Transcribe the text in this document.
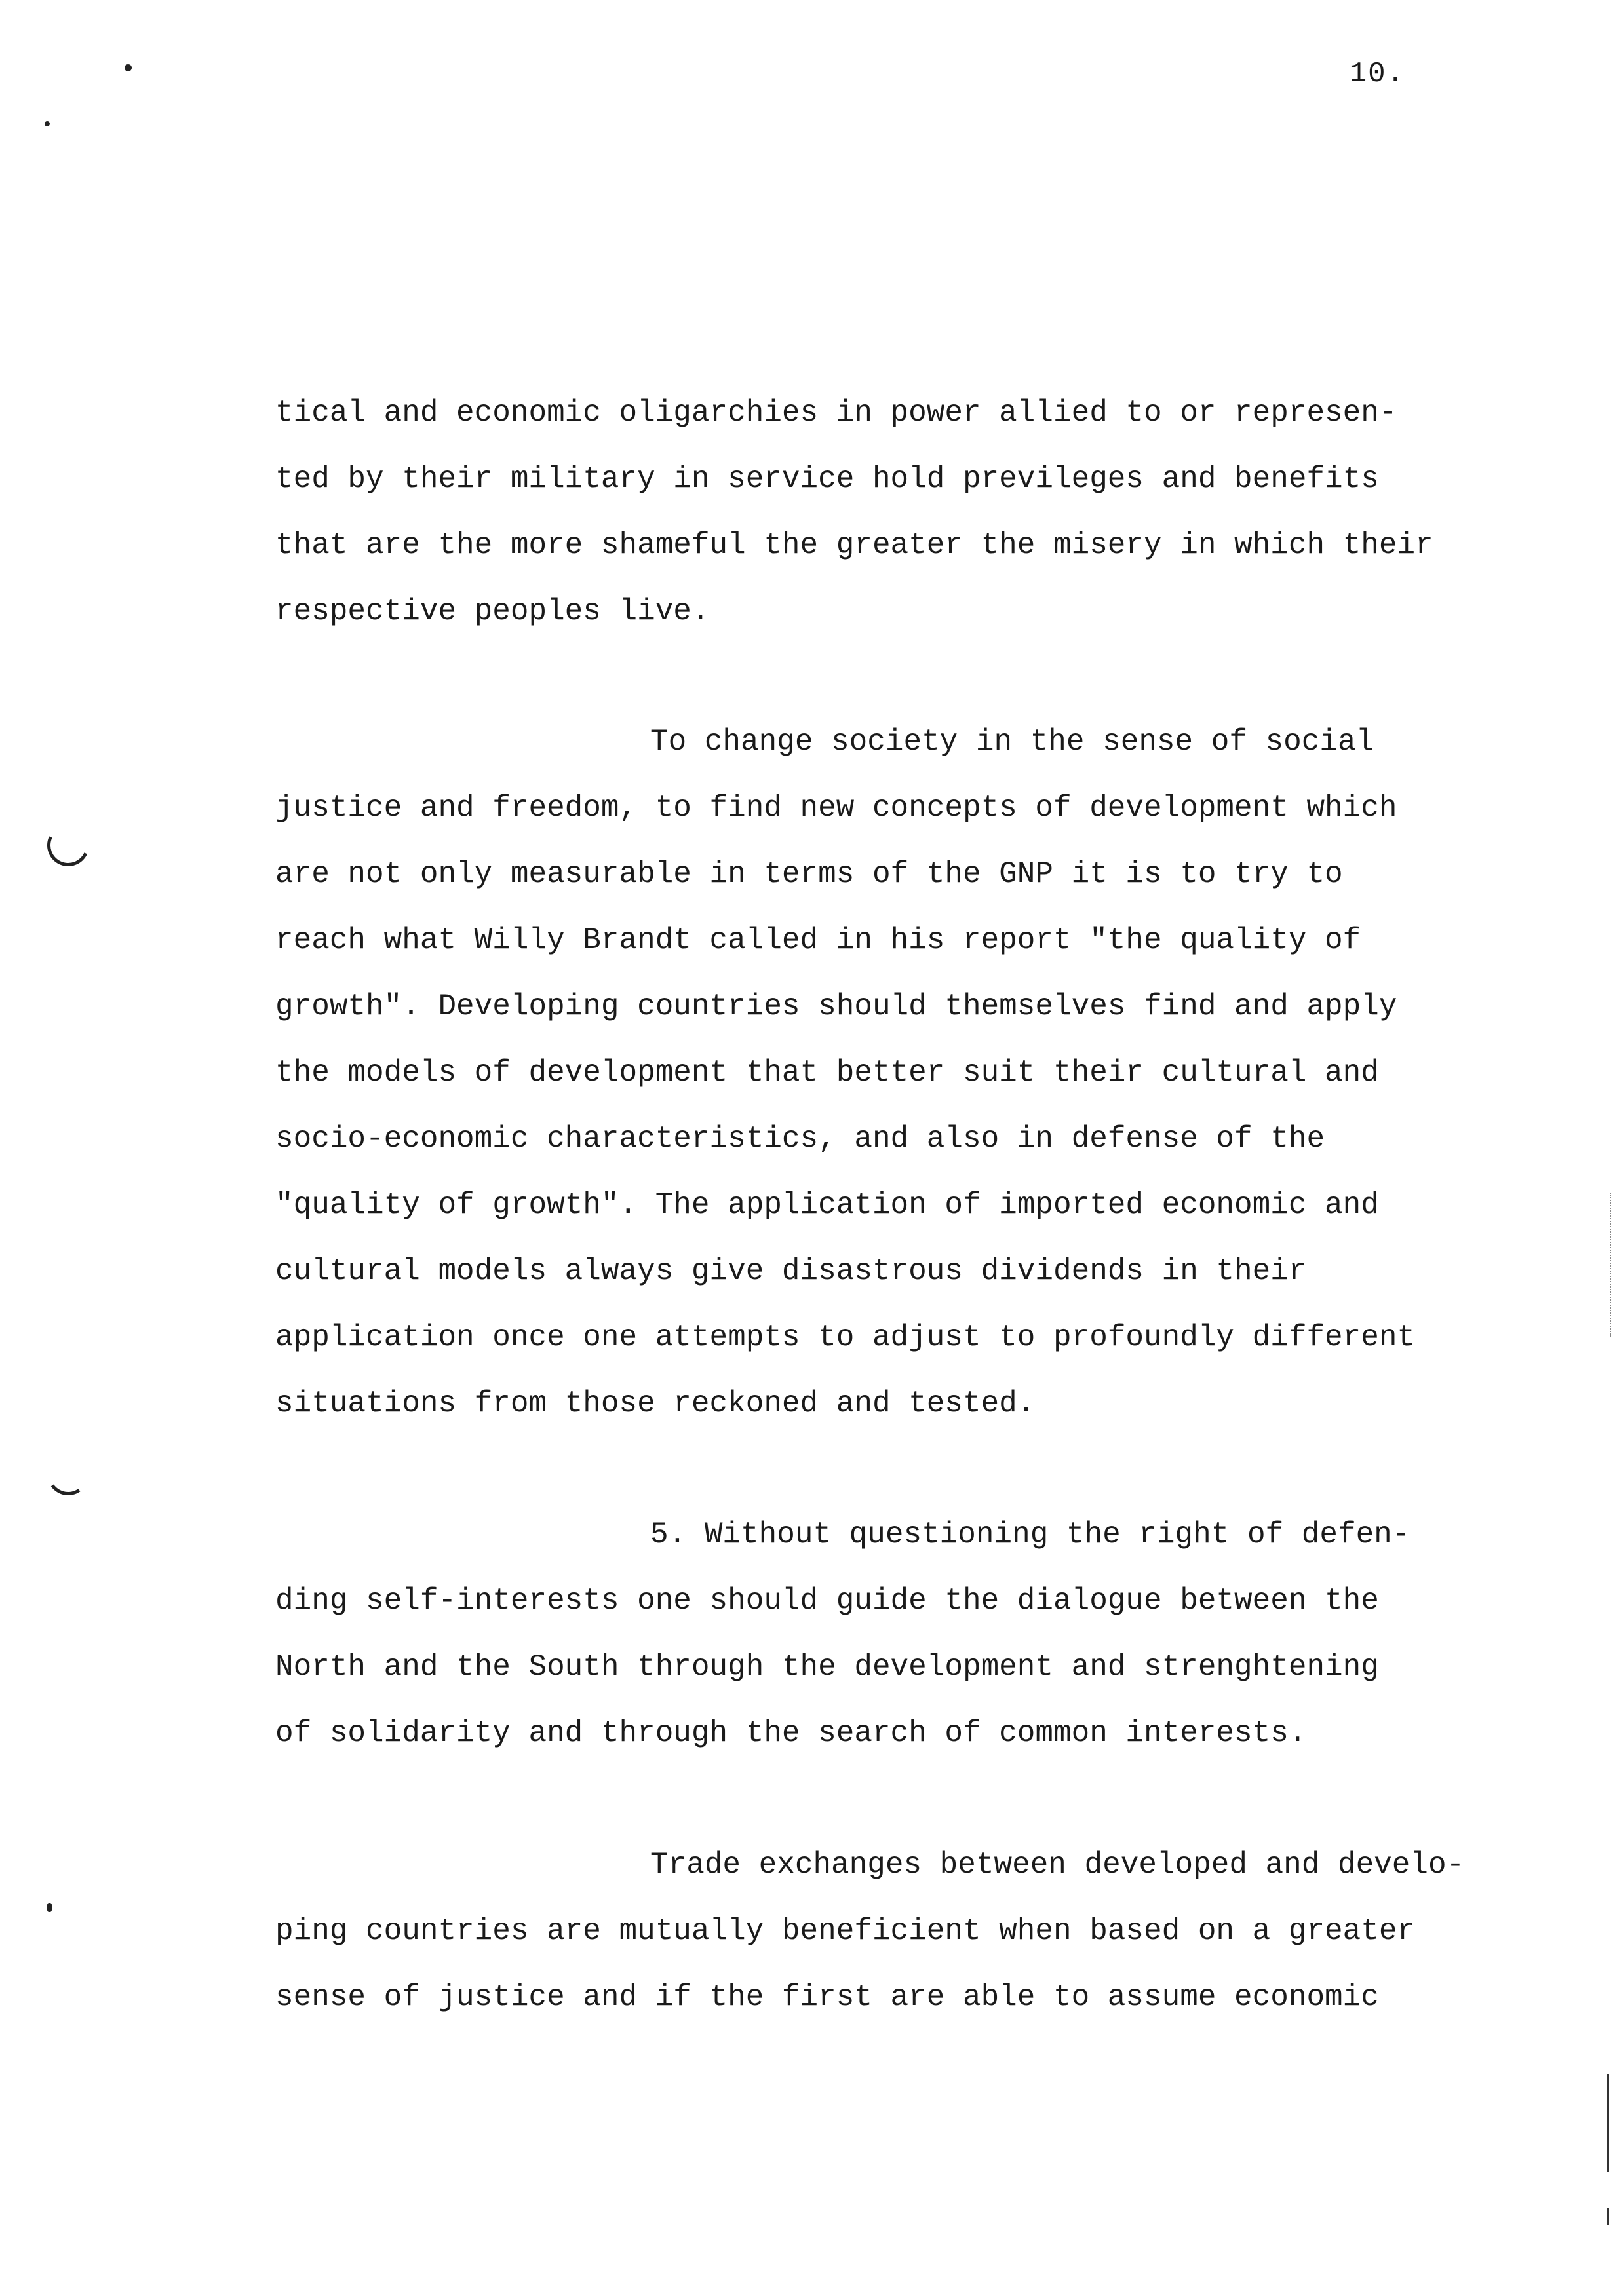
10.
tical and economic oligarchies in power allied to or represen-
ted by their military in service hold previleges and benefits
that are the more shameful the greater the misery in which their
respective peoples live.
To change society in the sense of social
justice and freedom, to find new concepts of development which
are not only measurable in terms of the GNP it is to try to
reach what Willy Brandt called in his report "the quality of
growth". Developing countries should themselves find and apply
the models of development that better suit their cultural and
socio-economic characteristics, and also in defense of the
"quality of growth". The application of imported economic and
cultural models always give disastrous dividends in their
application once one attempts to adjust to profoundly different
situations from those reckoned and tested.
5. Without questioning the right of defen-
ding self-interests one should guide the dialogue between the
North and the South through the development and strenghtening
of solidarity and through the search of common interests.
Trade exchanges between developed and develo-
ping countries are mutually beneficient when based on a greater
sense of justice and if the first are able to assume economic
